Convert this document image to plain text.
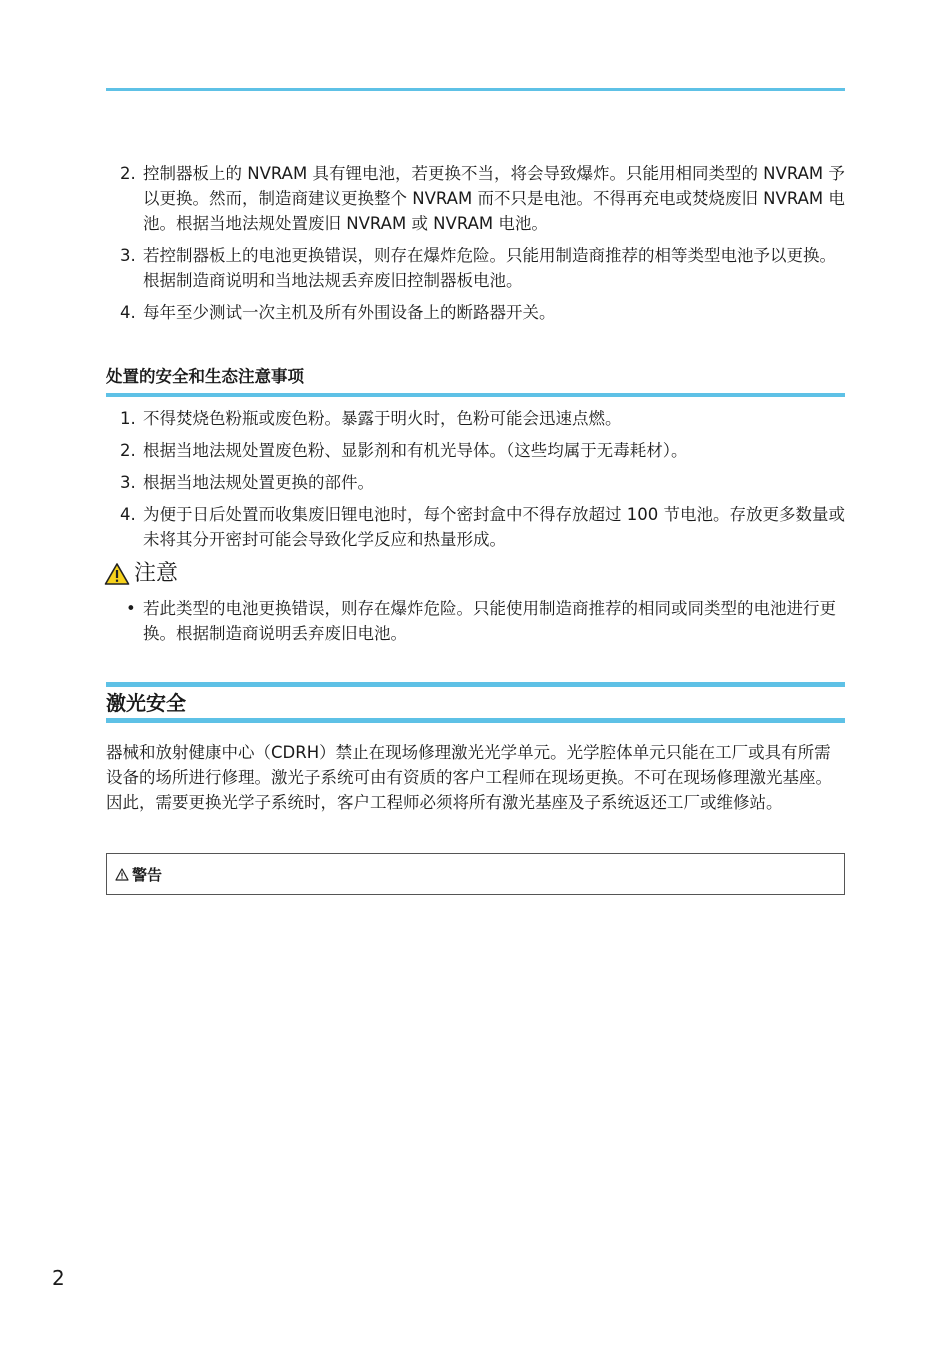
2. 控制器板上的 NVRAM 具有锂电池，若更换不当，将会导致爆炸。只能用相同类型的 NVRAM 予以更换。然而，制造商建议更换整个 NVRAM 而不只是电池。不得再充电或焚烧废旧 NVRAM 电池。根据当地法规处置废旧 NVRAM 或 NVRAM 电池。
3. 若控制器板上的电池更换错误，则存在爆炸危险。只能用制造商推荐的相等类型电池予以更换。根据制造商说明和当地法规丢弃废旧控制器板电池。
4. 每年至少测试一次主机及所有外围设备上的断路器开关。
处置的安全和生态注意事项
1. 不得焚烧色粉瓶或废色粉。暴露于明火时，色粉可能会迅速点燃。
2. 根据当地法规处置废色粉、显影剂和有机光导体。（这些均属于无毒耗材）。
3. 根据当地法规处置更换的部件。
4. 为便于日后处置而收集废旧锂电池时，每个密封盒中不得存放超过 100 节电池。存放更多数量或未将其分开密封可能会导致化学反应和热量形成。
注意
• 若此类型的电池更换错误，则存在爆炸危险。只能使用制造商推荐的相同或同类型的电池进行更换。根据制造商说明丢弃废旧电池。
激光安全

器械和放射健康中心（CDRH）禁止在现场修理激光光学单元。光学腔体单元只能在工厂或具有所需设备的场所进行修理。激光子系统可由有资质的客户工程师在现场更换。不可在现场修理激光基座。因此，需要更换光学子系统时，客户工程师必须将所有激光基座及子系统返还工厂或维修站。

警告
2
